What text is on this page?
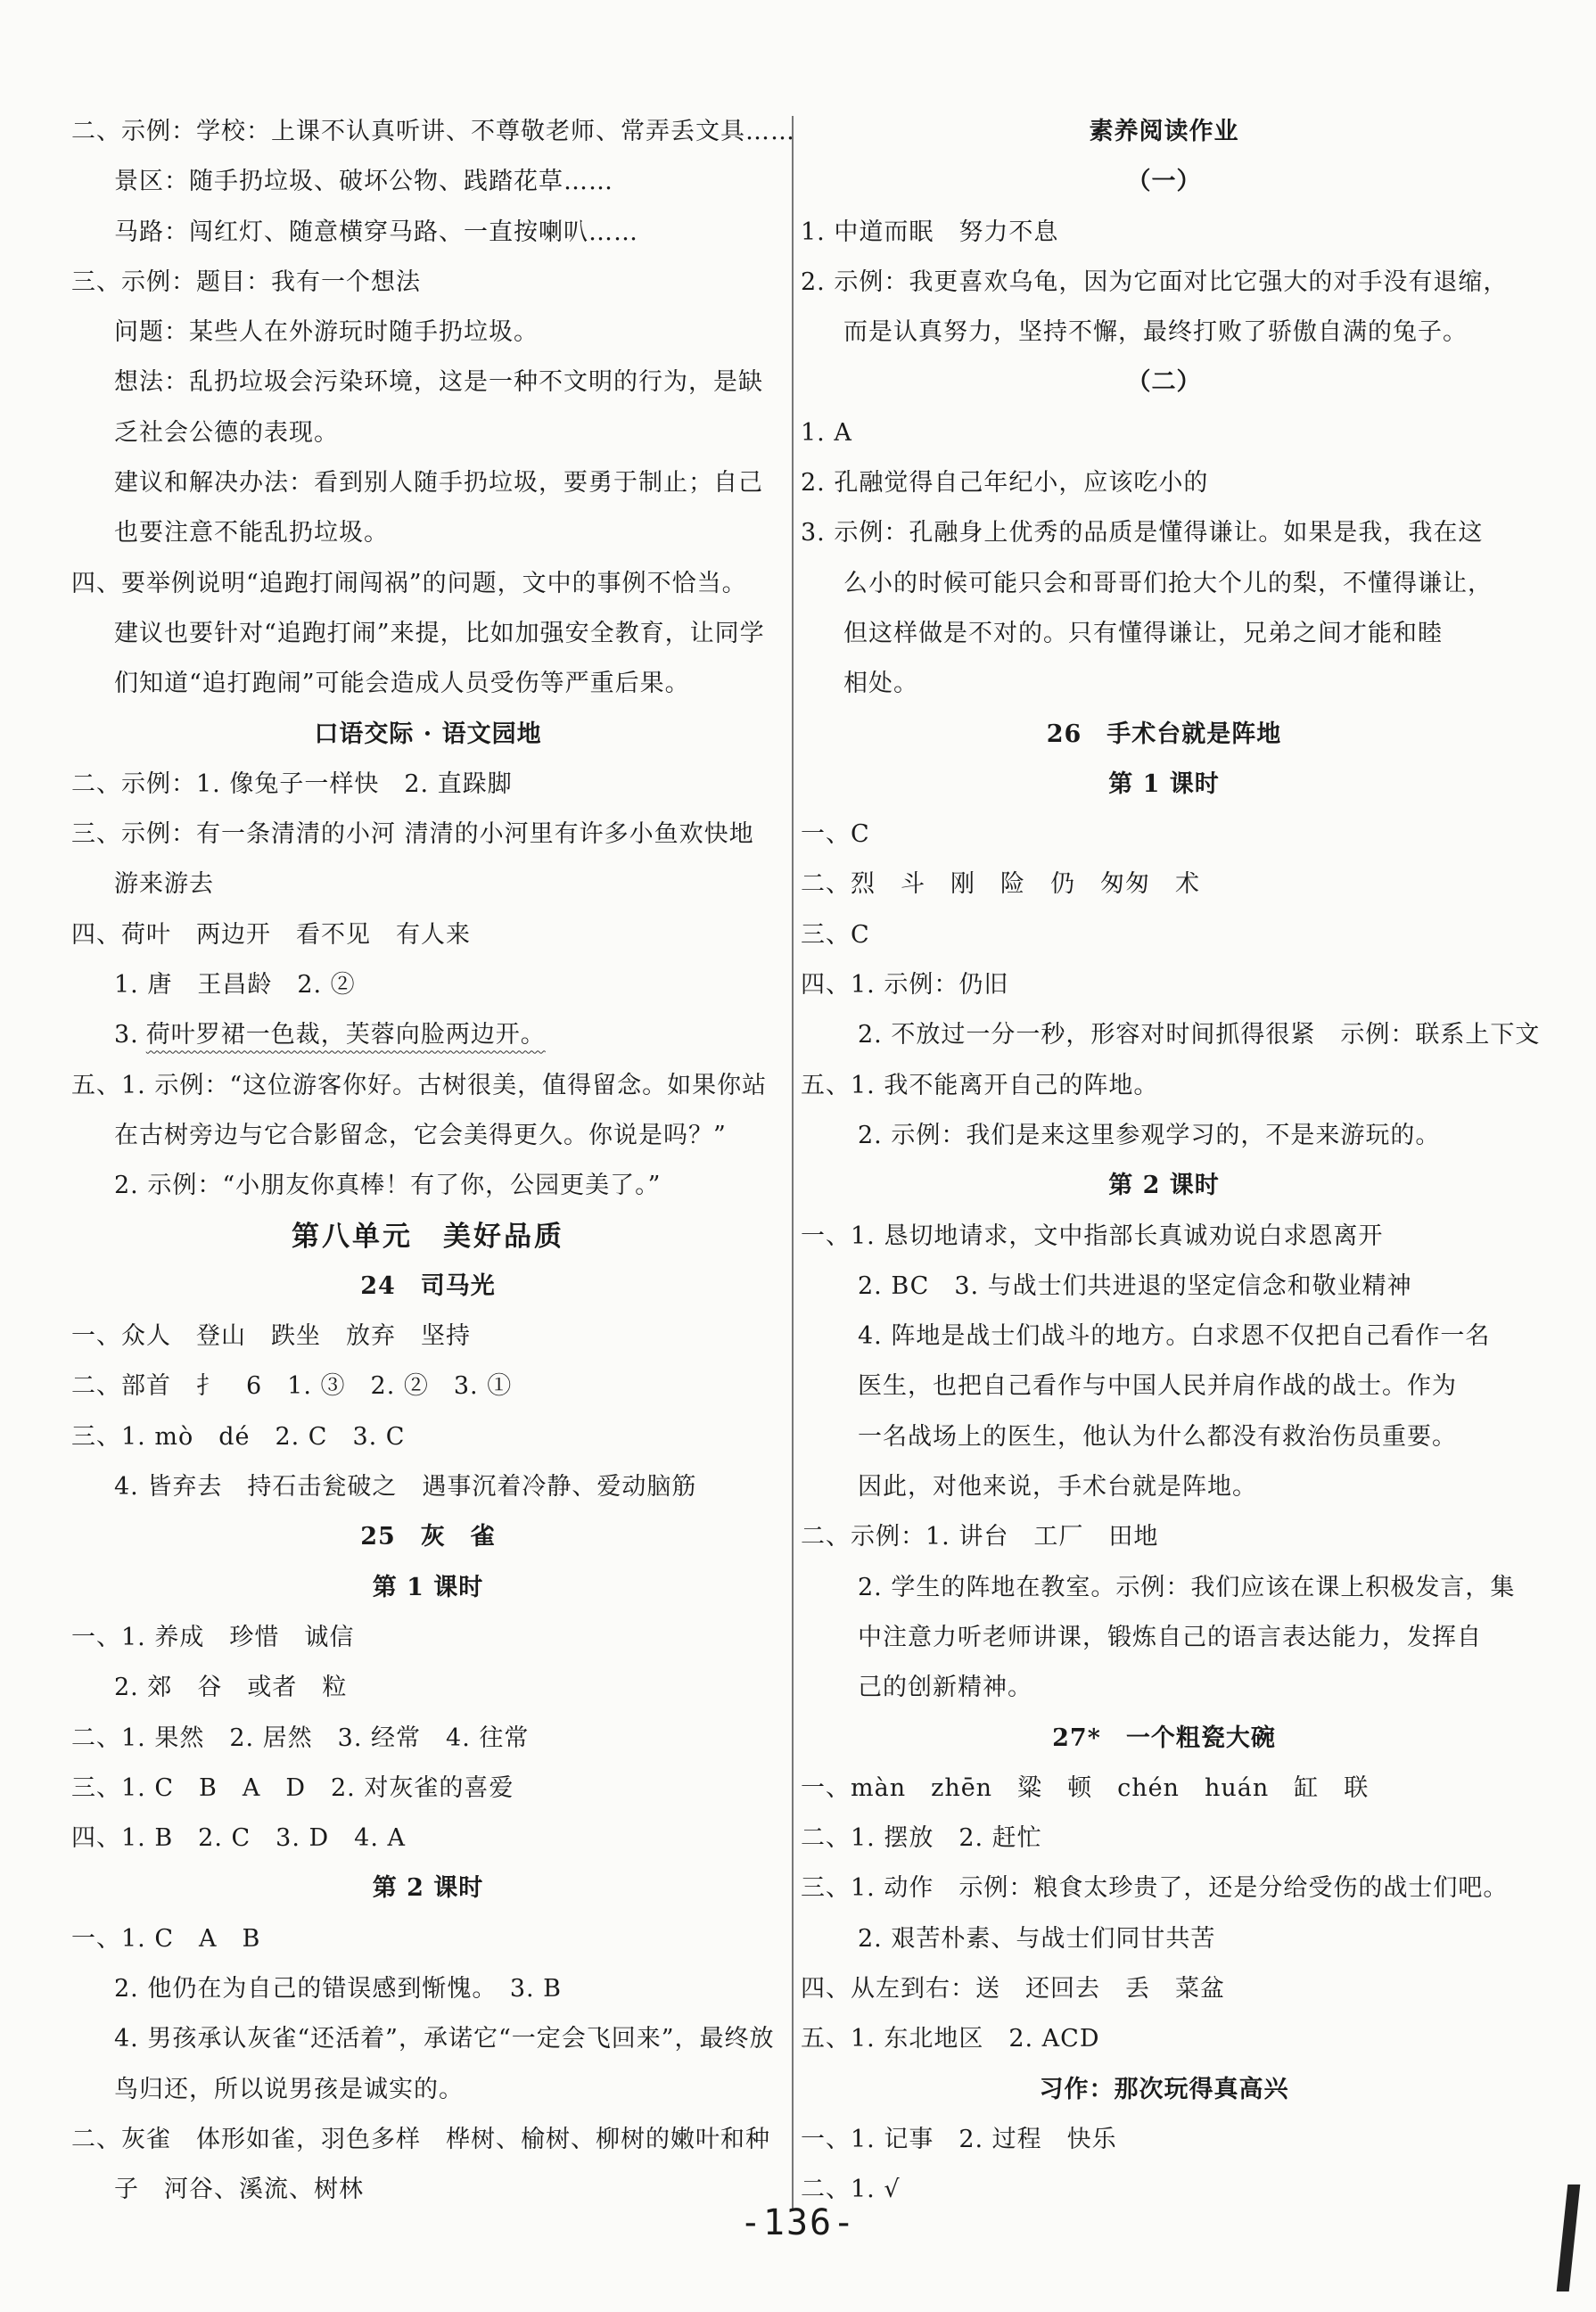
二、示例：学校：上课不认真听讲、不尊敬老师、常弄丢文具……
景区：随手扔垃圾、破坏公物、践踏花草……
马路：闯红灯、随意横穿马路、一直按喇叭……
三、示例：题目：我有一个想法
问题：某些人在外游玩时随手扔垃圾。
想法：乱扔垃圾会污染环境，这是一种不文明的行为，是缺
乏社会公德的表现。
建议和解决办法：看到别人随手扔垃圾，要勇于制止；自己
也要注意不能乱扔垃圾。
四、要举例说明“追跑打闹闯祸”的问题，文中的事例不恰当。
建议也要针对“追跑打闹”来提，比如加强安全教育，让同学
们知道“追打跑闹”可能会造成人员受伤等严重后果。
口语交际 · 语文园地
二、示例：1. 像兔子一样快　2. 直跺脚
三、示例：有一条清清的小河 清清的小河里有许多小鱼欢快地
游来游去
四、荷叶　两边开　看不见　有人来
1. 唐　王昌龄　2. ②
3. 荷叶罗裙一色裁，芙蓉向脸两边开。
五、1. 示例：“这位游客你好。古树很美，值得留念。如果你站
在古树旁边与它合影留念，它会美得更久。你说是吗？”
2. 示例：“小朋友你真棒！有了你，公园更美了。”
第八单元　美好品质
24　司马光
一、众人　登山　跌坐　放弃　坚持
二、部首　扌　6　1. ③　2. ②　3. ①
三、1. mò　dé　2. C　3. C
4. 皆弃去　持石击瓮破之　遇事沉着冷静、爱动脑筋
25　灰　雀
第 1 课时
一、1. 养成　珍惜　诚信
2. 郊　谷　或者　粒
二、1. 果然　2. 居然　3. 经常　4. 往常
三、1. C　B　A　D　2. 对灰雀的喜爱
四、1. B　2. C　3. D　4. A
第 2 课时
一、1. C　A　B
2. 他仍在为自己的错误感到惭愧。　3. B
4. 男孩承认灰雀“还活着”，承诺它“一定会飞回来”，最终放
鸟归还，所以说男孩是诚实的。
二、灰雀　体形如雀，羽色多样　桦树、榆树、柳树的嫩叶和种
子　河谷、溪流、树林
素养阅读作业
（一）
1. 中道而眠　努力不息
2. 示例：我更喜欢乌龟，因为它面对比它强大的对手没有退缩，
而是认真努力，坚持不懈，最终打败了骄傲自满的兔子。
（二）
1. A
2. 孔融觉得自己年纪小，应该吃小的
3. 示例：孔融身上优秀的品质是懂得谦让。如果是我，我在这
么小的时候可能只会和哥哥们抢大个儿的梨，不懂得谦让，
但这样做是不对的。只有懂得谦让，兄弟之间才能和睦
相处。
26　手术台就是阵地
第 1 课时
一、C
二、烈　斗　刚　险　仍　匆匆　术
三、C
四、1. 示例：仍旧
2. 不放过一分一秒，形容对时间抓得很紧　示例：联系上下文
五、1. 我不能离开自己的阵地。
2. 示例：我们是来这里参观学习的，不是来游玩的。
第 2 课时
一、1. 恳切地请求，文中指部长真诚劝说白求恩离开
2. BC　3. 与战士们共进退的坚定信念和敬业精神
4. 阵地是战士们战斗的地方。白求恩不仅把自己看作一名
医生，也把自己看作与中国人民并肩作战的战士。作为
一名战场上的医生，他认为什么都没有救治伤员重要。
因此，对他来说，手术台就是阵地。
二、示例：1. 讲台　工厂　田地
2. 学生的阵地在教室。示例：我们应该在课上积极发言，集
中注意力听老师讲课，锻炼自己的语言表达能力，发挥自
己的创新精神。
27*　一个粗瓷大碗
一、màn　zhēn　粱　顿　chén　huán　缸　联
二、1. 摆放　2. 赶忙
三、1. 动作　示例：粮食太珍贵了，还是分给受伤的战士们吧。
2. 艰苦朴素、与战士们同甘共苦
四、从左到右：送　还回去　丢　菜盆
五、1. 东北地区　2. ACD
习作：那次玩得真高兴
一、1. 记事　2. 过程　快乐
二、1. √
-136-
